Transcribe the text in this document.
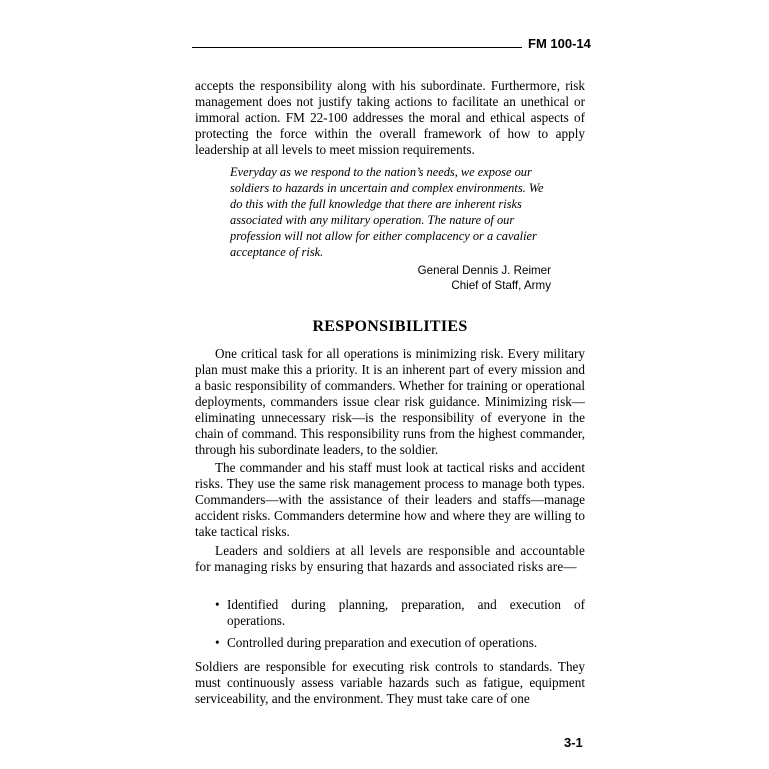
FM 100-14
accepts the responsibility along with his subordinate. Furthermore, risk management does not justify taking actions to facilitate an unethical or immoral action. FM 22-100 addresses the moral and ethical aspects of protecting the force within the overall framework of how to apply leadership at all levels to meet mission requirements.
Everyday as we respond to the nation’s needs, we expose our soldiers to hazards in uncertain and complex environments. We do this with the full knowledge that there are inherent risks associated with any military operation. The nature of our profession will not allow for either complacency or a cavalier acceptance of risk.
General Dennis J. Reimer
Chief of Staff, Army
RESPONSIBILITIES
One critical task for all operations is minimizing risk. Every military plan must make this a priority. It is an inherent part of every mission and a basic responsibility of commanders. Whether for training or operational deployments, commanders issue clear risk guidance. Minimizing risk—eliminating unnecessary risk—is the responsibility of everyone in the chain of command. This responsibility runs from the highest commander, through his subordinate leaders, to the soldier.
The commander and his staff must look at tactical risks and accident risks. They use the same risk management process to manage both types. Commanders—with the assistance of their leaders and staffs—manage accident risks. Commanders determine how and where they are willing to take tactical risks.
Leaders and soldiers at all levels are responsible and accountable for managing risks by ensuring that hazards and associated risks are—
• Identified during planning, preparation, and execution of operations.
• Controlled during preparation and execution of operations.
Soldiers are responsible for executing risk controls to standards. They must continuously assess variable hazards such as fatigue, equipment serviceability, and the environment. They must take care of one
3-1
